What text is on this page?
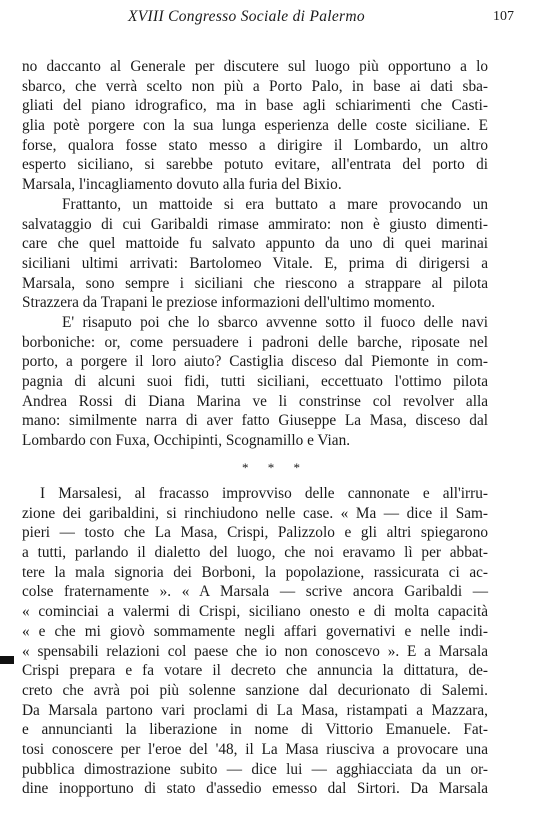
XVIII Congresso Sociale di Palermo	107
no daccanto al Generale per discutere sul luogo più opportuno a lo
sbarco, che verrà scelto non più a Porto Palo, in base ai dati sba-
gliati del piano idrografico, ma in base agli schiarimenti che Casti-
glia potè porgere con la sua lunga esperienza delle coste siciliane. E
forse, qualora fosse stato messo a dirigire il Lombardo, un altro
esperto siciliano, si sarebbe potuto evitare, all'entrata del porto di
Marsala, l'incagliamento dovuto alla furia del Bixio.
Frattanto, un mattoide si era buttato a mare provocando un
salvataggio di cui Garibaldi rimase ammirato: non è giusto dimenti-
care che quel mattoide fu salvato appunto da uno di quei marinai
siciliani ultimi arrivati: Bartolomeo Vitale. E, prima di dirigersi a
Marsala, sono sempre i siciliani che riescono a strappare al pilota
Strazzera da Trapani le preziose informazioni dell'ultimo momento.
E' risaputo poi che lo sbarco avvenne sotto il fuoco delle navi
borboniche: or, come persuadere i padroni delle barche, riposate nel
porto, a porgere il loro aiuto? Castiglia disceso dal Piemonte in com-
pagnia di alcuni suoi fidi, tutti siciliani, eccettuato l'ottimo pilota
Andrea Rossi di Diana Marina ve li constrinse col revolver alla
mano: similmente narra di aver fatto Giuseppe La Masa, disceso dal
Lombardo con Fuxa, Occhipinti, Scognamillo e Vian.
* * *
I Marsalesi, al fracasso improvviso delle cannonate e all'irru-
zione dei garibaldini, si rinchiudono nelle case. « Ma — dice il Sam-
pieri — tosto che La Masa, Crispi, Palizzolo e gli altri spiegarono
a tutti, parlando il dialetto del luogo, che noi eravamo lì per abbat-
tere la mala signoria dei Borboni, la popolazione, rassicurata ci ac-
colse fraternamente ». « A Marsala — scrive ancora Garibaldi —
« cominciai a valermi di Crispi, siciliano onesto e di molta capacità
« e che mi giovò sommamente negli affari governativi e nelle indi-
« spensabili relazioni col paese che io non conoscevo ». E a Marsala
Crispi prepara e fa votare il decreto che annuncia la dittatura, de-
creto che avrà poi più solenne sanzione dal decurionato di Salemi.
Da Marsala partono vari proclami di La Masa, ristampati a Mazzara,
e annuncianti la liberazione in nome di Vittorio Emanuele. Fat-
tosi conoscere per l'eroe del '48, il La Masa riusciva a provocare una
pubblica dimostrazione subito — dice lui — agghiacciata da un or-
dine inopportuno di stato d'assedio emesso dal Sirtori. Da Marsala
